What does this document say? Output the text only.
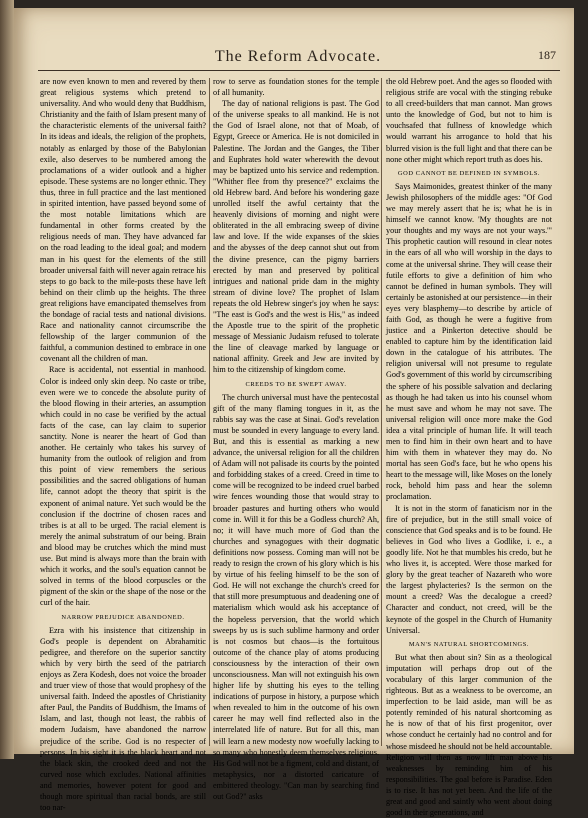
The Reform Advocate.	187

are now even known to men and revered by them great religious systems which pretend to universality. And who would deny that Buddhism, Christianity and the faith of Islam present many of the characteristic elements of the universal faith? In its ideas and ideals, the religion of the prophets, notably as enlarged by those of the Babylonian exile, also deserves to be numbered among the proclamations of a wider outlook and a higher episode. These systems are no longer ethnic. They thus, three in full practice and the last mentioned in spirited intention, have passed beyond some of the most notable limitations which are fundamental in other forms created by the religious needs of man. They have advanced far on the road leading to the ideal goal; and modern man in his quest for the elements of the still broader universal faith will never again retrace his steps to go back to the mile-posts these have left behind on their climb up the heights. The three great religions have emancipated themselves from the bondage of racial tests and national divisions. Race and nationality cannot circumscribe the fellowship of the larger communion of the faithful, a communion destined to embrace in one covenant all the children of man.

Race is accidental, not essential in manhood. Color is indeed only skin deep. No caste or tribe, even were we to concede the absolute purity of the blood flowing in their arteries, an assumption which could in no case be verified by the actual facts of the case, can lay claim to superior sanctity. None is nearer the heart of God than another. He certainly who takes his survey of humanity from the outlook of religion and from this point of view remembers the serious possibilities and the sacred obligations of human life, cannot adopt the theory that spirit is the exponent of animal nature. Yet such would be the conclusion if the doctrine of chosen races and tribes is at all to be urged. The racial element is merely the animal substratum of our being. Brain and blood may be crutches which the mind must use. But mind is always more than the brain with which it works, and the soul's equation cannot be solved in terms of the blood corpuscles or the pigment of the skin or the shape of the nose or the curl of the hair.

NARROW PREJUDICE ABANDONED.

Ezra with his insistence that citizenship in God's people is dependent on Abrahamitic pedigree, and therefore on the superior sanctity which by very birth the seed of the patriarch enjoys as Zera Kodesh, does not voice the broader and truer view of those that would prophesy of the universal faith. Indeed the apostles of Christianity after Paul, the Pandits of Buddhism, the Imams of Islam, and last, though not least, the rabbis of modern Judaism, have abandoned the narrow prejudice of the scribe. God is no respecter of persons. In his sight it is the black heart and not the black skin, the crooked deed and not the curved nose which excludes. National affinities and memories, however potent for good and though more spiritual than racial bonds, are still too nar-

row to serve as foundation stones for the temple of all humanity.

The day of national religions is past. The God of the universe speaks to all mankind. He is not the God of Israel alone, not that of Moab, of Egypt, Greece or America. He is not domiciled in Palestine. The Jordan and the Ganges, the Tiber and Euphrates hold water wherewith the devout may be baptized unto his service and redemption. "Whither flee from thy presence?" exclaims the old Hebrew bard. And before his wondering gaze unrolled itself the awful certainty that the heavenly divisions of morning and night were obliterated in the all embracing sweep of divine law and love. If the wide expanses of the skies and the abysses of the deep cannot shut out from the divine presence, can the pigmy barriers erected by man and preserved by political intrigues and national pride dam in the mighty stream of divine love? The prophet of Islam repeats the old Hebrew singer's joy when he says: "The east is God's and the west is His," as indeed the Apostle true to the spirit of the prophetic message of Messianic Judaism refused to tolerate the line of cleavage marked by language or national affinity. Greek and Jew are invited by him to the citizenship of kingdom come.

CREEDS TO BE SWEPT AWAY.

The church universal must have the pentecostal gift of the many flaming tongues in it, as the rabbis say was the case at Sinai. God's revelation must be sounded in every language to every land. But, and this is essential as marking a new advance, the universal religion for all the children of Adam will not palisade its courts by the pointed and forbidding stakes of a creed. Creed in time to come will be recognized to be indeed cruel barbed wire fences wounding those that would stray to broader pastures and hurting others who would come in. Will it for this be a Godless church? Ah, no; it will have much more of God than the churches and synagogues with their dogmatic definitions now possess. Coming man will not be ready to resign the crown of his glory which is his by virtue of his feeling himself to be the son of God. He will not exchange the church's creed for that still more presumptuous and deadening one of materialism which would ask his acceptance of the hopeless perversion, that the world which sweeps by us is such sublime harmony and order is not cosmos but chaos—is the fortuitous outcome of the chance play of atoms producing consciousness by the interaction of their own unconsciousness. Man will not extinguish his own higher life by shutting his eyes to the telling indications of purpose in history, a purpose which when revealed to him in the outcome of his own career he may well find reflected also in the interrelated life of nature. But for all this, man will learn a new modesty now woefully lacking to so many who honestly deem themselves religious. His God will not be a figment, cold and distant, of metaphysics, nor a distorted caricature of embittered theology. "Can man by searching find out God?" asks

the old Hebrew poet. And the ages so flooded with religious strife are vocal with the stinging rebuke to all creed-builders that man cannot. Man grows unto the knowledge of God, but not to him is vouchsafed that fullness of knowledge which would warrant his arrogance to hold that his blurred vision is the full light and that there can be none other might which report truth as does his.

GOD CANNOT BE DEFINED IN SYMBOLS.

Says Maimonides, greatest thinker of the many Jewish philosophers of the middle ages: "Of God we may merely assert that he is; what he is in himself we cannot know. 'My thoughts are not your thoughts and my ways are not your ways.'" This prophetic caution will resound in clear notes in the ears of all who will worship in the days to come at the universal shrine. They will cease their futile efforts to give a definition of him who cannot be defined in human symbols. They will certainly be astonished at our persistence—in their eyes very blasphemy—to describe by article of faith God, as though he were a fugitive from justice and a Pinkerton detective should be enabled to capture him by the identification laid down in the catalogue of his attributes. The religion universal will not presume to regulate God's government of this world by circumscribing the sphere of his possible salvation and declaring as though he had taken us into his counsel whom he must save and whom he may not save. The universal religion will once more make the God idea a vital principle of human life. It will teach men to find him in their own heart and to have him with them in whatever they may do. No mortal has seen God's face, but he who opens his heart to the message will, like Moses on the lonely rock, behold him pass and hear the solemn proclamation.

It is not in the storm of fanaticism nor in the fire of prejudice, but in the still small voice of conscience that God speaks and is to be found. He believes in God who lives a Godlike, i. e., a goodly life. Not he that mumbles his credo, but he who lives it, is accepted. Were those marked for glory by the great teacher of Nazareth who wore the largest phylacteries? Is the sermon on the mount a creed? Was the decalogue a creed? Character and conduct, not creed, will be the keynote of the gospel in the Church of Humanity Universal.

MAN'S NATURAL SHORTCOMINGS.

But what then about sin? Sin as a theological imputation will perhaps drop out of the vocabulary of this larger communion of the righteous. But as a weakness to be overcome, an imperfection to be laid aside, man will be as potently reminded of his natural shortcoming as he is now of that of his first progenitor, over whose conduct he certainly had no control and for whose misdeed he should not be held accountable. Religion will then as now lift man above his weaknesses by reminding him of his responsibilities. The goal before is Paradise. Eden is to rise. It has not yet been. And the life of the great and good and saintly who went about doing good in their generations, and
